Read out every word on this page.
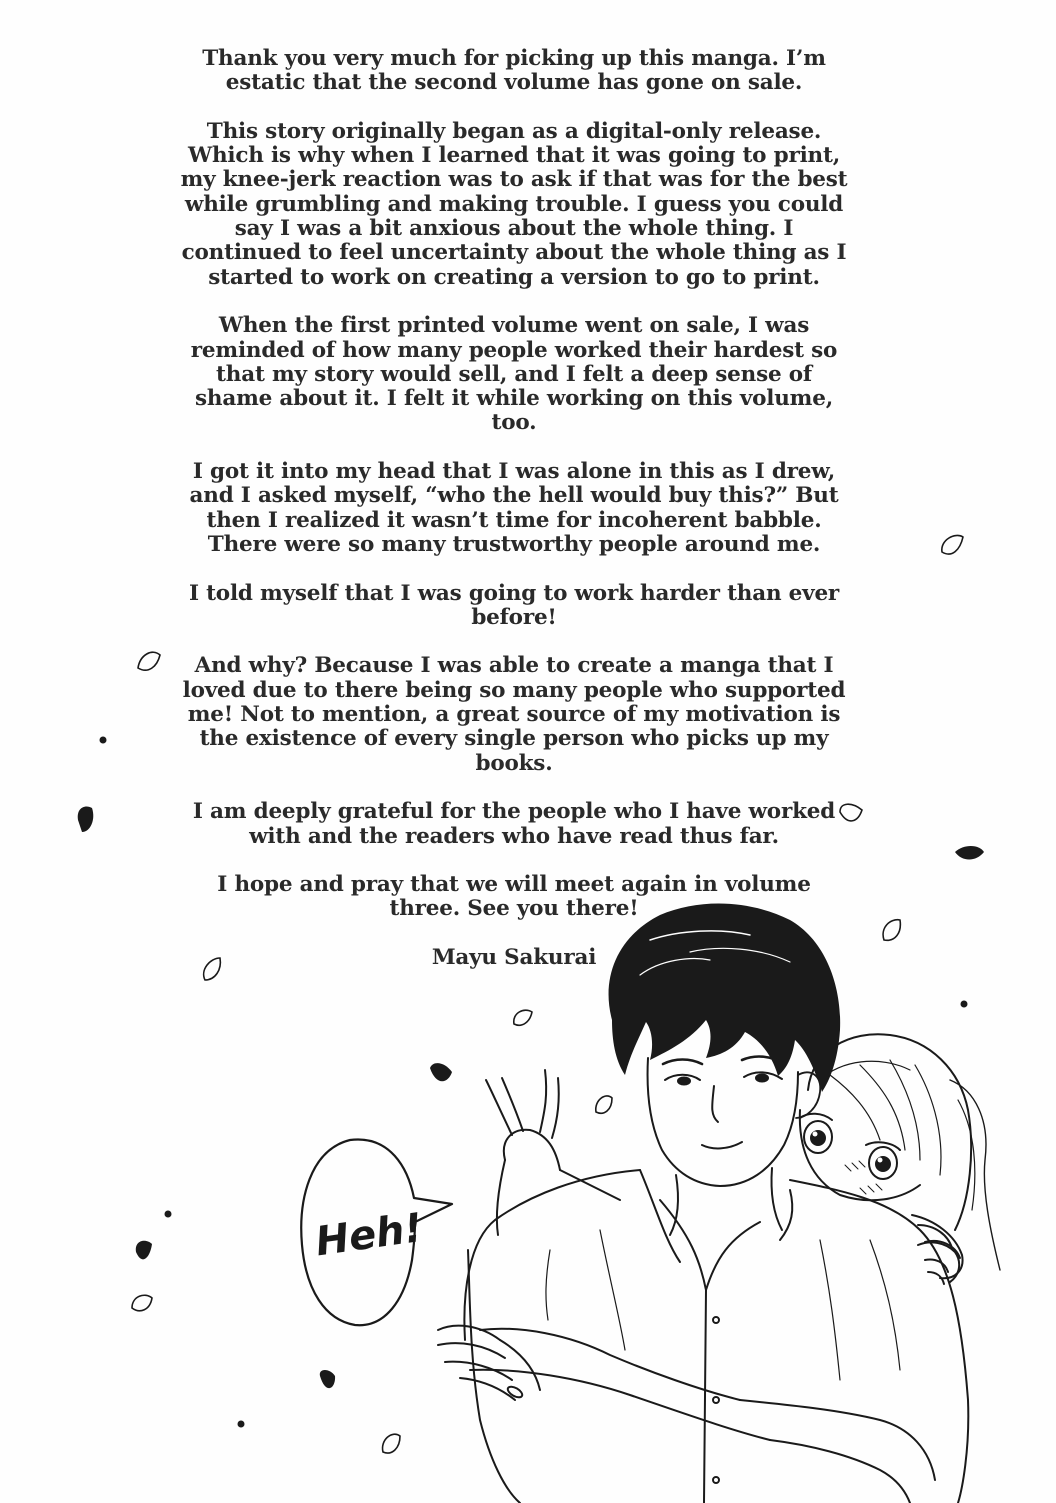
Thank you very much for picking up this manga. I’m estatic that the second volume has gone on sale.

This story originally began as a digital-only release. Which is why when I learned that it was going to print, my knee-jerk reaction was to ask if that was for the best while grumbling and making trouble. I guess you could say I was a bit anxious about the whole thing. I continued to feel uncertainty about the whole thing as I started to work on creating a version to go to print.

When the first printed volume went on sale, I was reminded of how many people worked their hardest so that my story would sell, and I felt a deep sense of shame about it. I felt it while working on this volume, too.

I got it into my head that I was alone in this as I drew, and I asked myself, “who the hell would buy this?” But then I realized it wasn’t time for incoherent babble. There were so many trustworthy people around me.

I told myself that I was going to work harder than ever before!

And why? Because I was able to create a manga that I loved due to there being so many people who supported me! Not to mention, a great source of my motivation is the existence of every single person who picks up my books.

I am deeply grateful for the people who I have worked with and the readers who have read thus far.

I hope and pray that we will meet again in volume three. See you there!

Mayu Sakurai

Heh!
